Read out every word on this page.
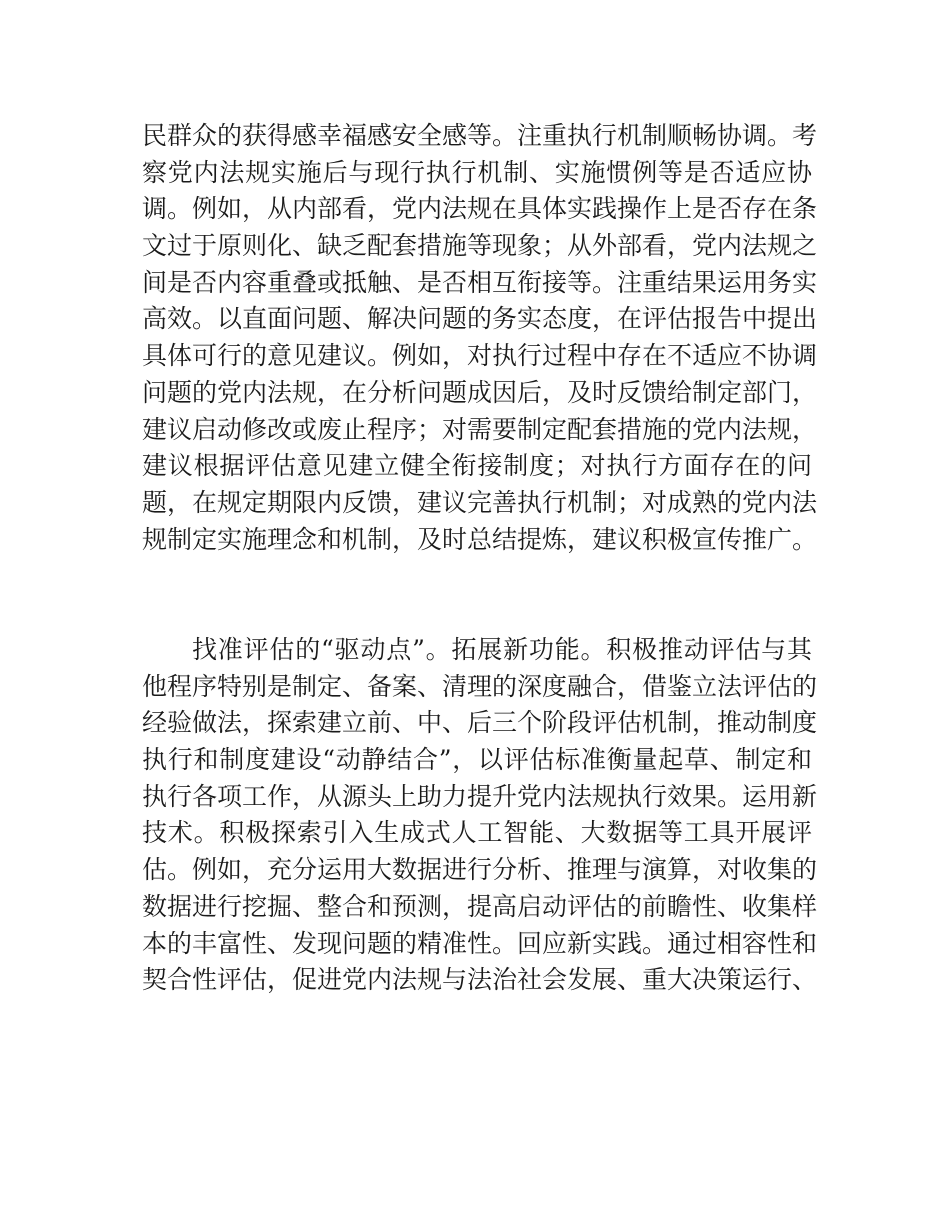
民群众的获得感幸福感安全感等。注重执行机制顺畅协调。考
察党内法规实施后与现行执行机制、实施惯例等是否适应协
调。例如，从内部看，党内法规在具体实践操作上是否存在条
文过于原则化、缺乏配套措施等现象；从外部看，党内法规之
间是否内容重叠或抵触、是否相互衔接等。注重结果运用务实
高效。以直面问题、解决问题的务实态度，在评估报告中提出
具体可行的意见建议。例如，对执行过程中存在不适应不协调
问题的党内法规，在分析问题成因后，及时反馈给制定部门，
建议启动修改或废止程序；对需要制定配套措施的党内法规，
建议根据评估意见建立健全衔接制度；对执行方面存在的问
题，在规定期限内反馈，建议完善执行机制；对成熟的党内法
规制定实施理念和机制，及时总结提炼，建议积极宣传推广。
找准评估的“驱动点”。拓展新功能。积极推动评估与其
他程序特别是制定、备案、清理的深度融合，借鉴立法评估的
经验做法，探索建立前、中、后三个阶段评估机制，推动制度
执行和制度建设“动静结合”，以评估标准衡量起草、制定和
执行各项工作，从源头上助力提升党内法规执行效果。运用新
技术。积极探索引入生成式人工智能、大数据等工具开展评
估。例如，充分运用大数据进行分析、推理与演算，对收集的
数据进行挖掘、整合和预测，提高启动评估的前瞻性、收集样
本的丰富性、发现问题的精准性。回应新实践。通过相容性和
契合性评估，促进党内法规与法治社会发展、重大决策运行、
